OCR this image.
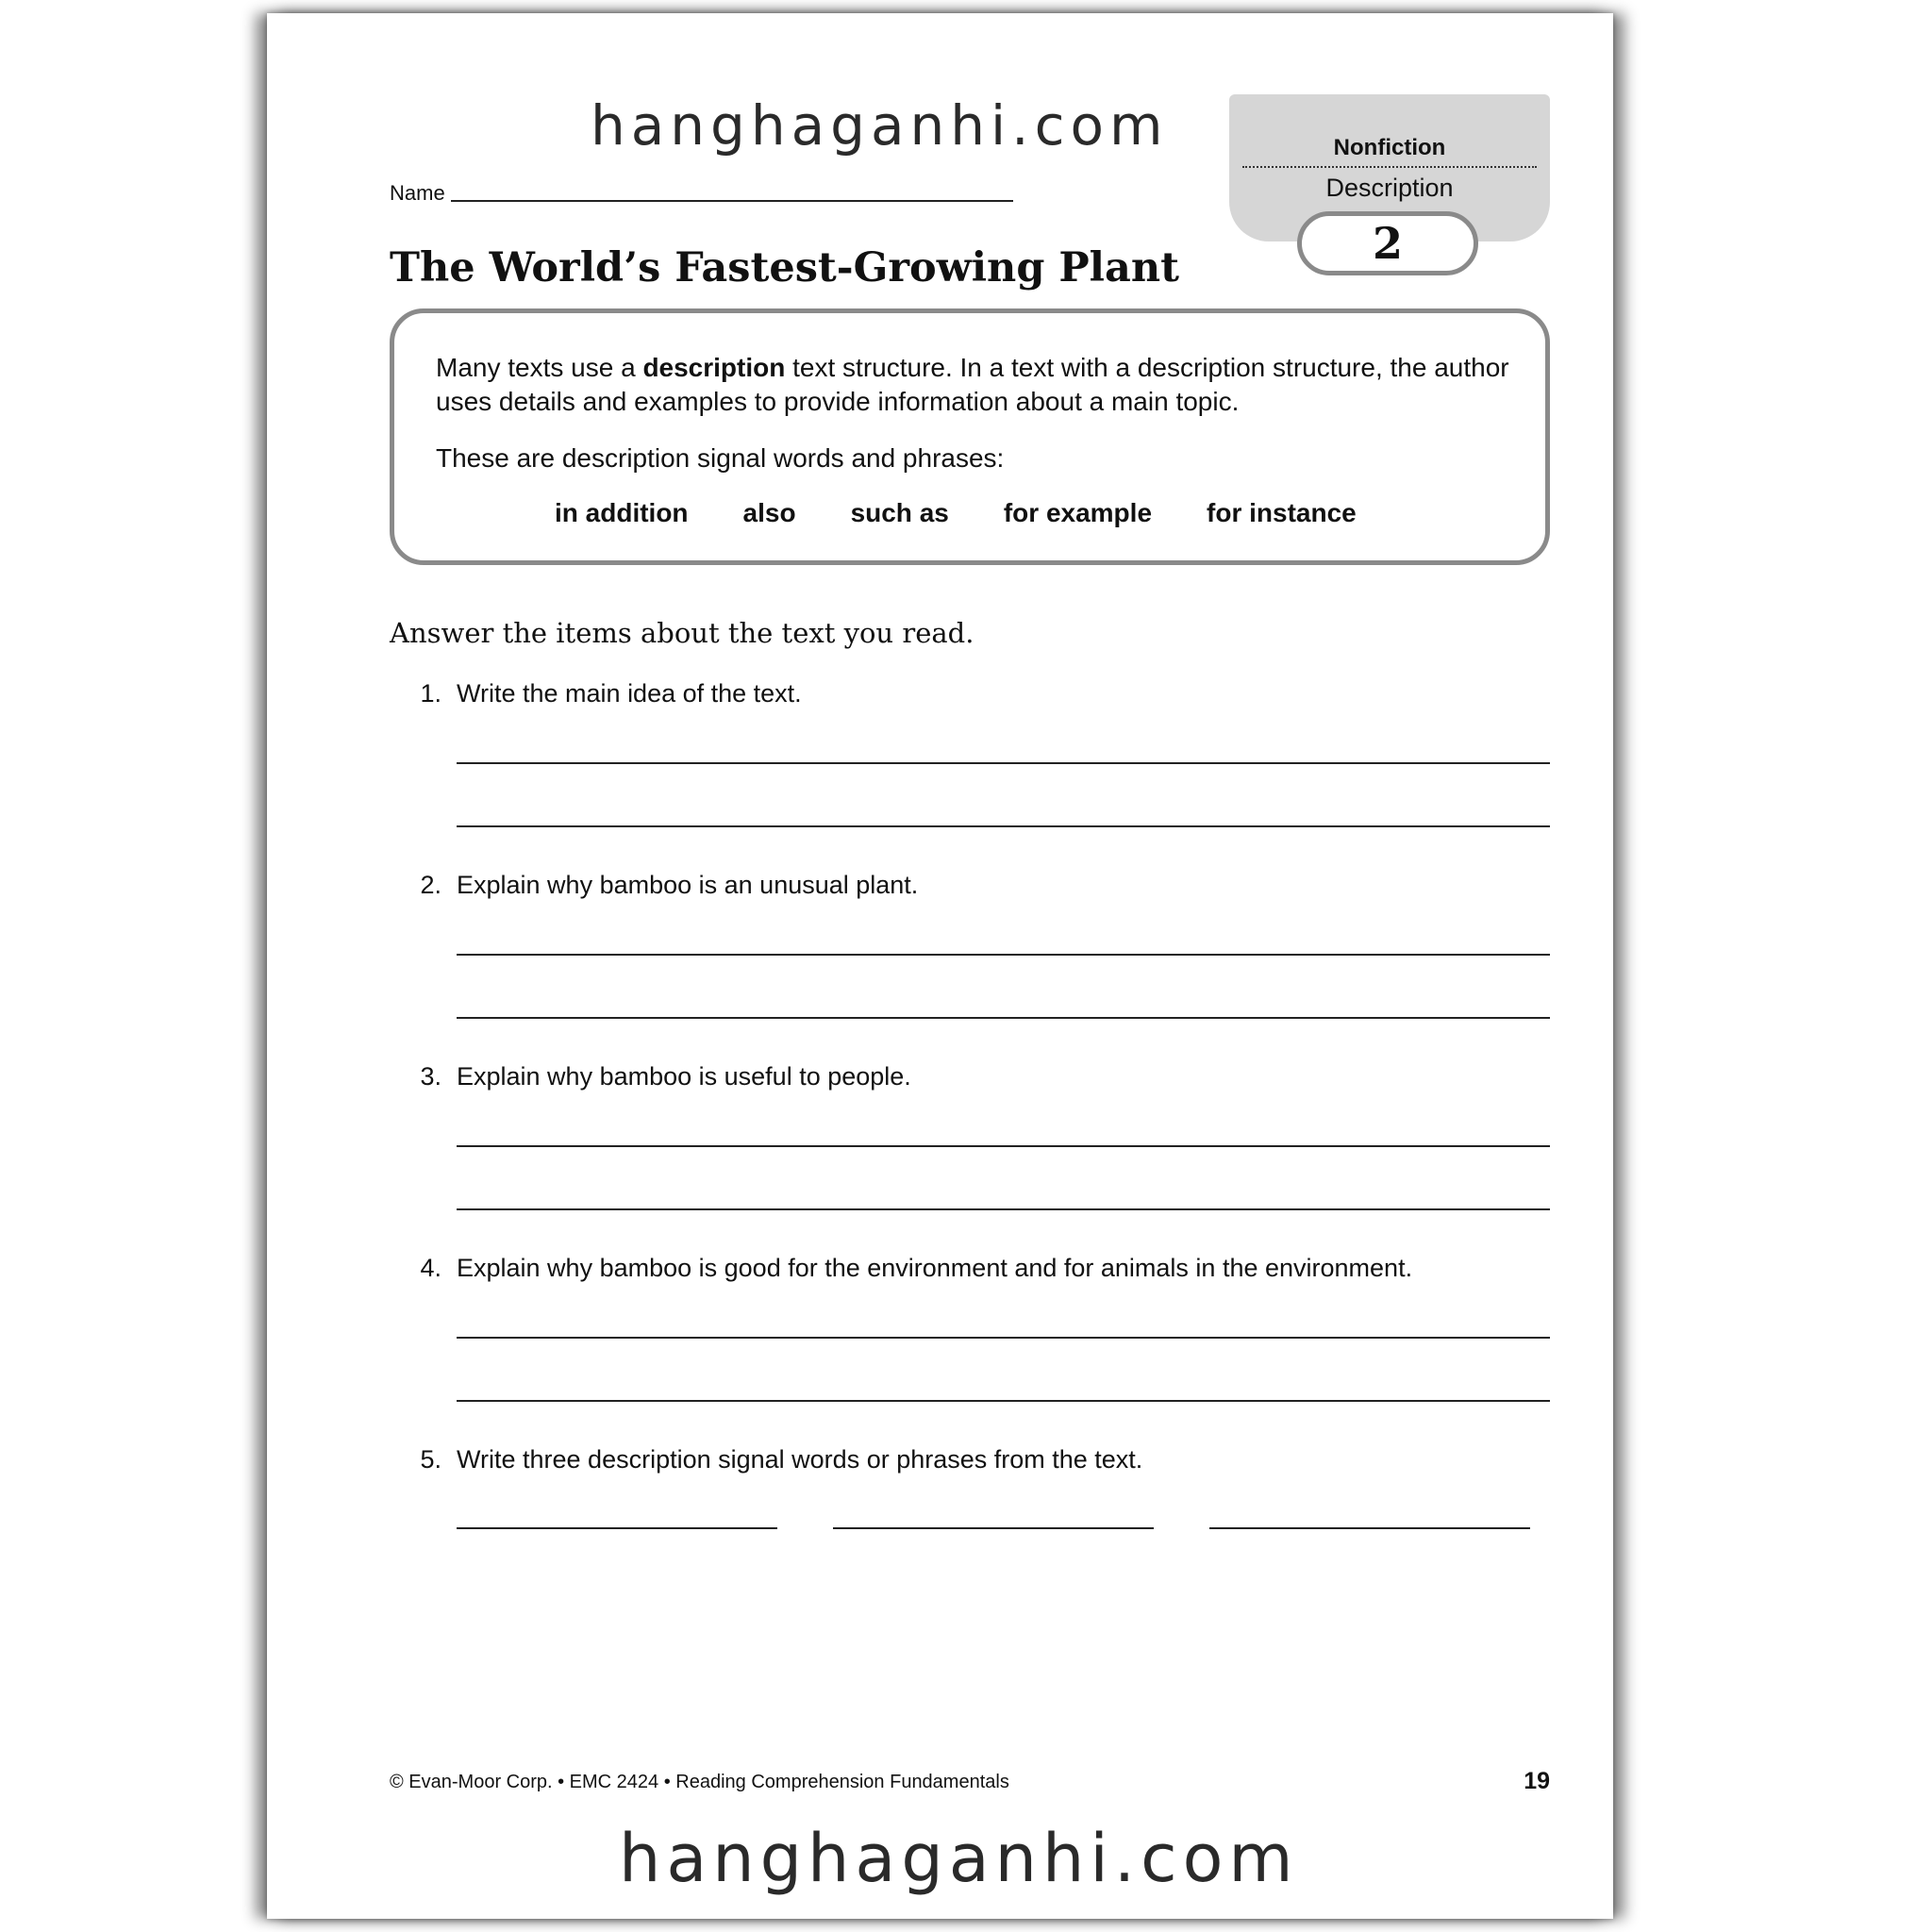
hanghaganhi.com
Name
The World’s Fastest-Growing Plant
Nonfiction
Description
2
Many texts use a description text structure. In a text with a description structure, the author uses details and examples to provide information about a main topic.
These are description signal words and phrases:
in addition also such as for example for instance
Answer the items about the text you read.
1. Write the main idea of the text.
2. Explain why bamboo is an unusual plant.
3. Explain why bamboo is useful to people.
4. Explain why bamboo is good for the environment and for animals in the environment.
5. Write three description signal words or phrases from the text.
© Evan-Moor Corp. • EMC 2424 • Reading Comprehension Fundamentals	19
hanghaganhi.com
